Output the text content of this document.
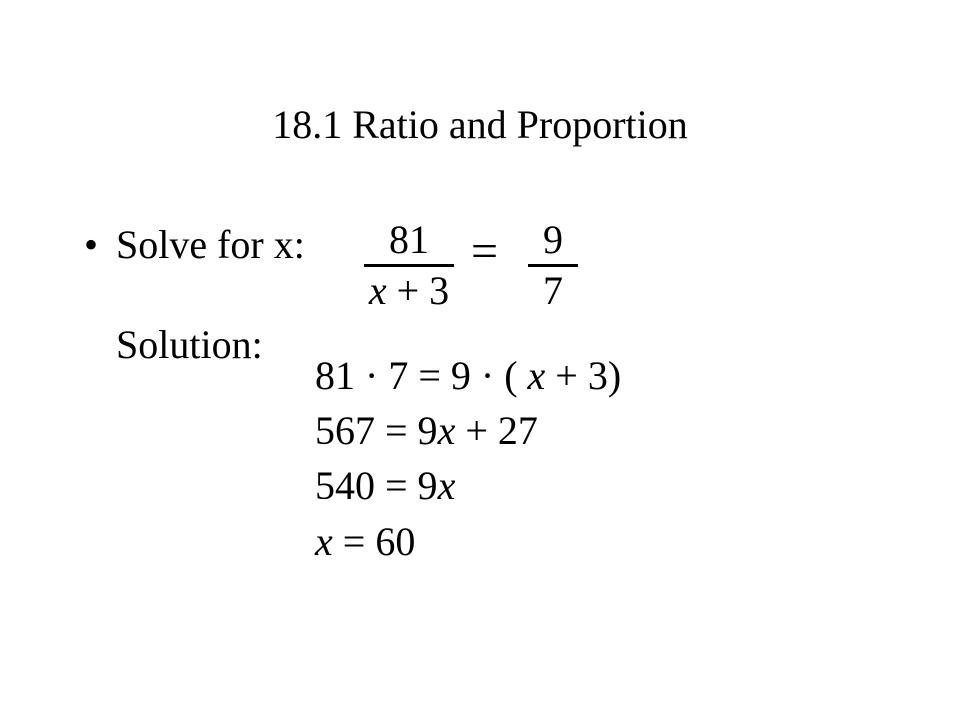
18.1 Ratio and Proportion
• Solve for x:	81
x + 3
=	9
7
Solution:
81 · 7 = 9 · ( x + 3)
567 = 9x + 27
540 = 9x
x = 60
